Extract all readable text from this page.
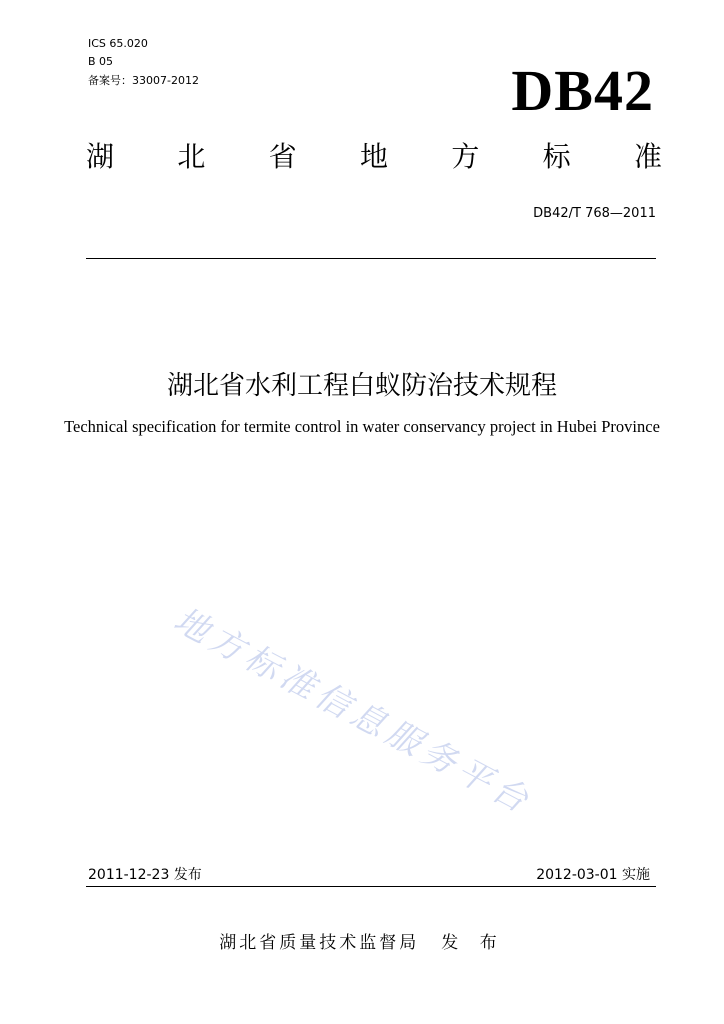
ICS 65.020
B 05
备案号：33007-2012	DB42
湖 北 省 地 方 标 准
DB42/T 768—2011
湖北省水利工程白蚁防治技术规程
Technical specification for termite control in water conservancy project in Hubei Province
地方标准信息服务平台
2011-12-23 发布	2012-03-01 实施
湖北省质量技术监督局 发 布
